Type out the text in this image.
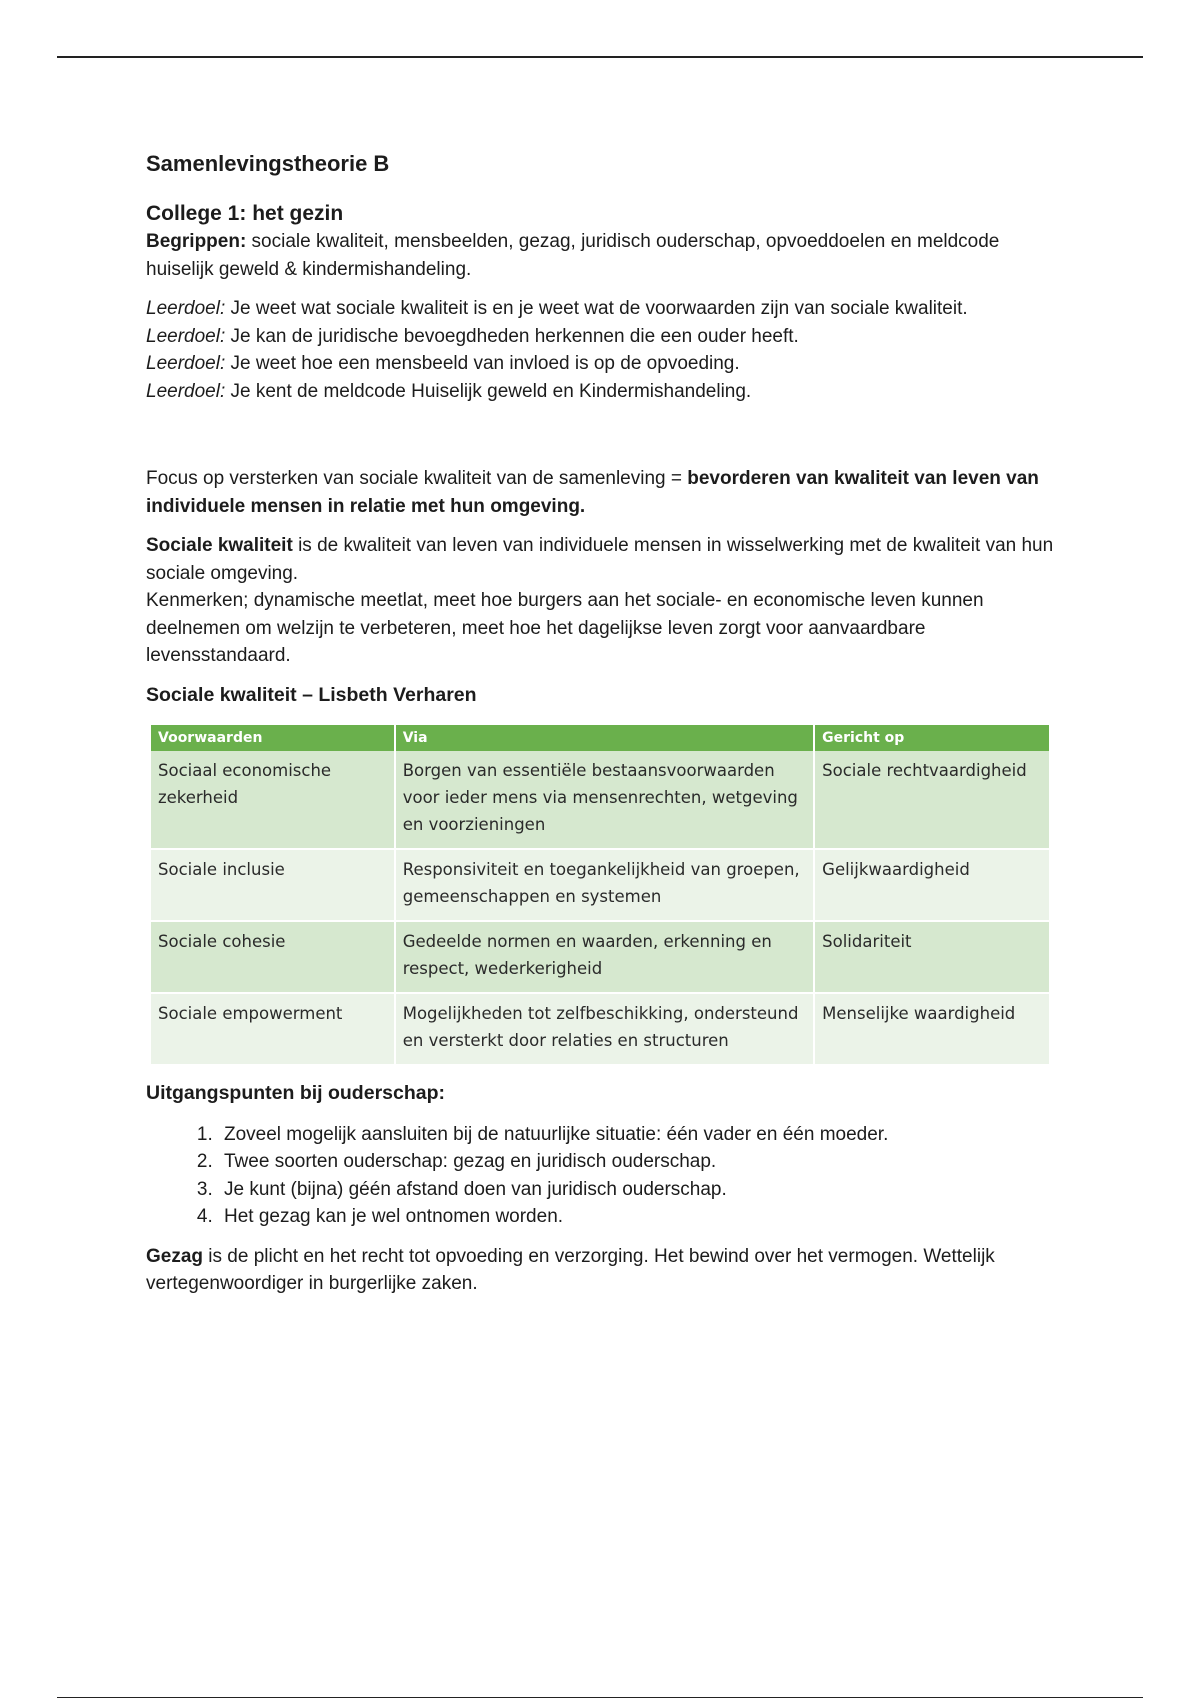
Samenlevingstheorie B
College 1: het gezin

Begrippen: sociale kwaliteit, mensbeelden, gezag, juridisch ouderschap, opvoeddoelen en meldcode huiselijk geweld & kindermishandeling.

Leerdoel: Je weet wat sociale kwaliteit is en je weet wat de voorwaarden zijn van sociale kwaliteit.

Leerdoel: Je kan de juridische bevoegdheden herkennen die een ouder heeft.

Leerdoel: Je weet hoe een mensbeeld van invloed is op de opvoeding.

Leerdoel: Je kent de meldcode Huiselijk geweld en Kindermishandeling.

Focus op versterken van sociale kwaliteit van de samenleving = bevorderen van kwaliteit van leven van individuele mensen in relatie met hun omgeving.

Sociale kwaliteit is de kwaliteit van leven van individuele mensen in wisselwerking met de kwaliteit van hun sociale omgeving.

Kenmerken; dynamische meetlat, meet hoe burgers aan het sociale- en economische leven kunnen deelnemen om welzijn te verbeteren, meet hoe het dagelijkse leven zorgt voor aanvaardbare levensstandaard.

Sociale kwaliteit – Lisbeth Verharen
Voorwaarden	Via	Gericht op
Sociaal economische zekerheid	Borgen van essentiële bestaansvoorwaarden voor ieder mens via mensenrechten, wetgeving en voorzieningen	Sociale rechtvaardigheid
Sociale inclusie	Responsiviteit en toegankelijkheid van groepen, gemeenschappen en systemen	Gelijkwaardigheid
Sociale cohesie	Gedeelde normen en waarden, erkenning en respect, wederkerigheid	Solidariteit
Sociale empowerment	Mogelijkheden tot zelfbeschikking, ondersteund en versterkt door relaties en structuren	Menselijke waardigheid
Uitgangspunten bij ouderschap:
1. Zoveel mogelijk aansluiten bij de natuurlijke situatie: één vader en één moeder.
2. Twee soorten ouderschap: gezag en juridisch ouderschap.
3. Je kunt (bijna) géén afstand doen van juridisch ouderschap.
4. Het gezag kan je wel ontnomen worden.

Gezag is de plicht en het recht tot opvoeding en verzorging. Het bewind over het vermogen. Wettelijk vertegenwoordiger in burgerlijke zaken.
